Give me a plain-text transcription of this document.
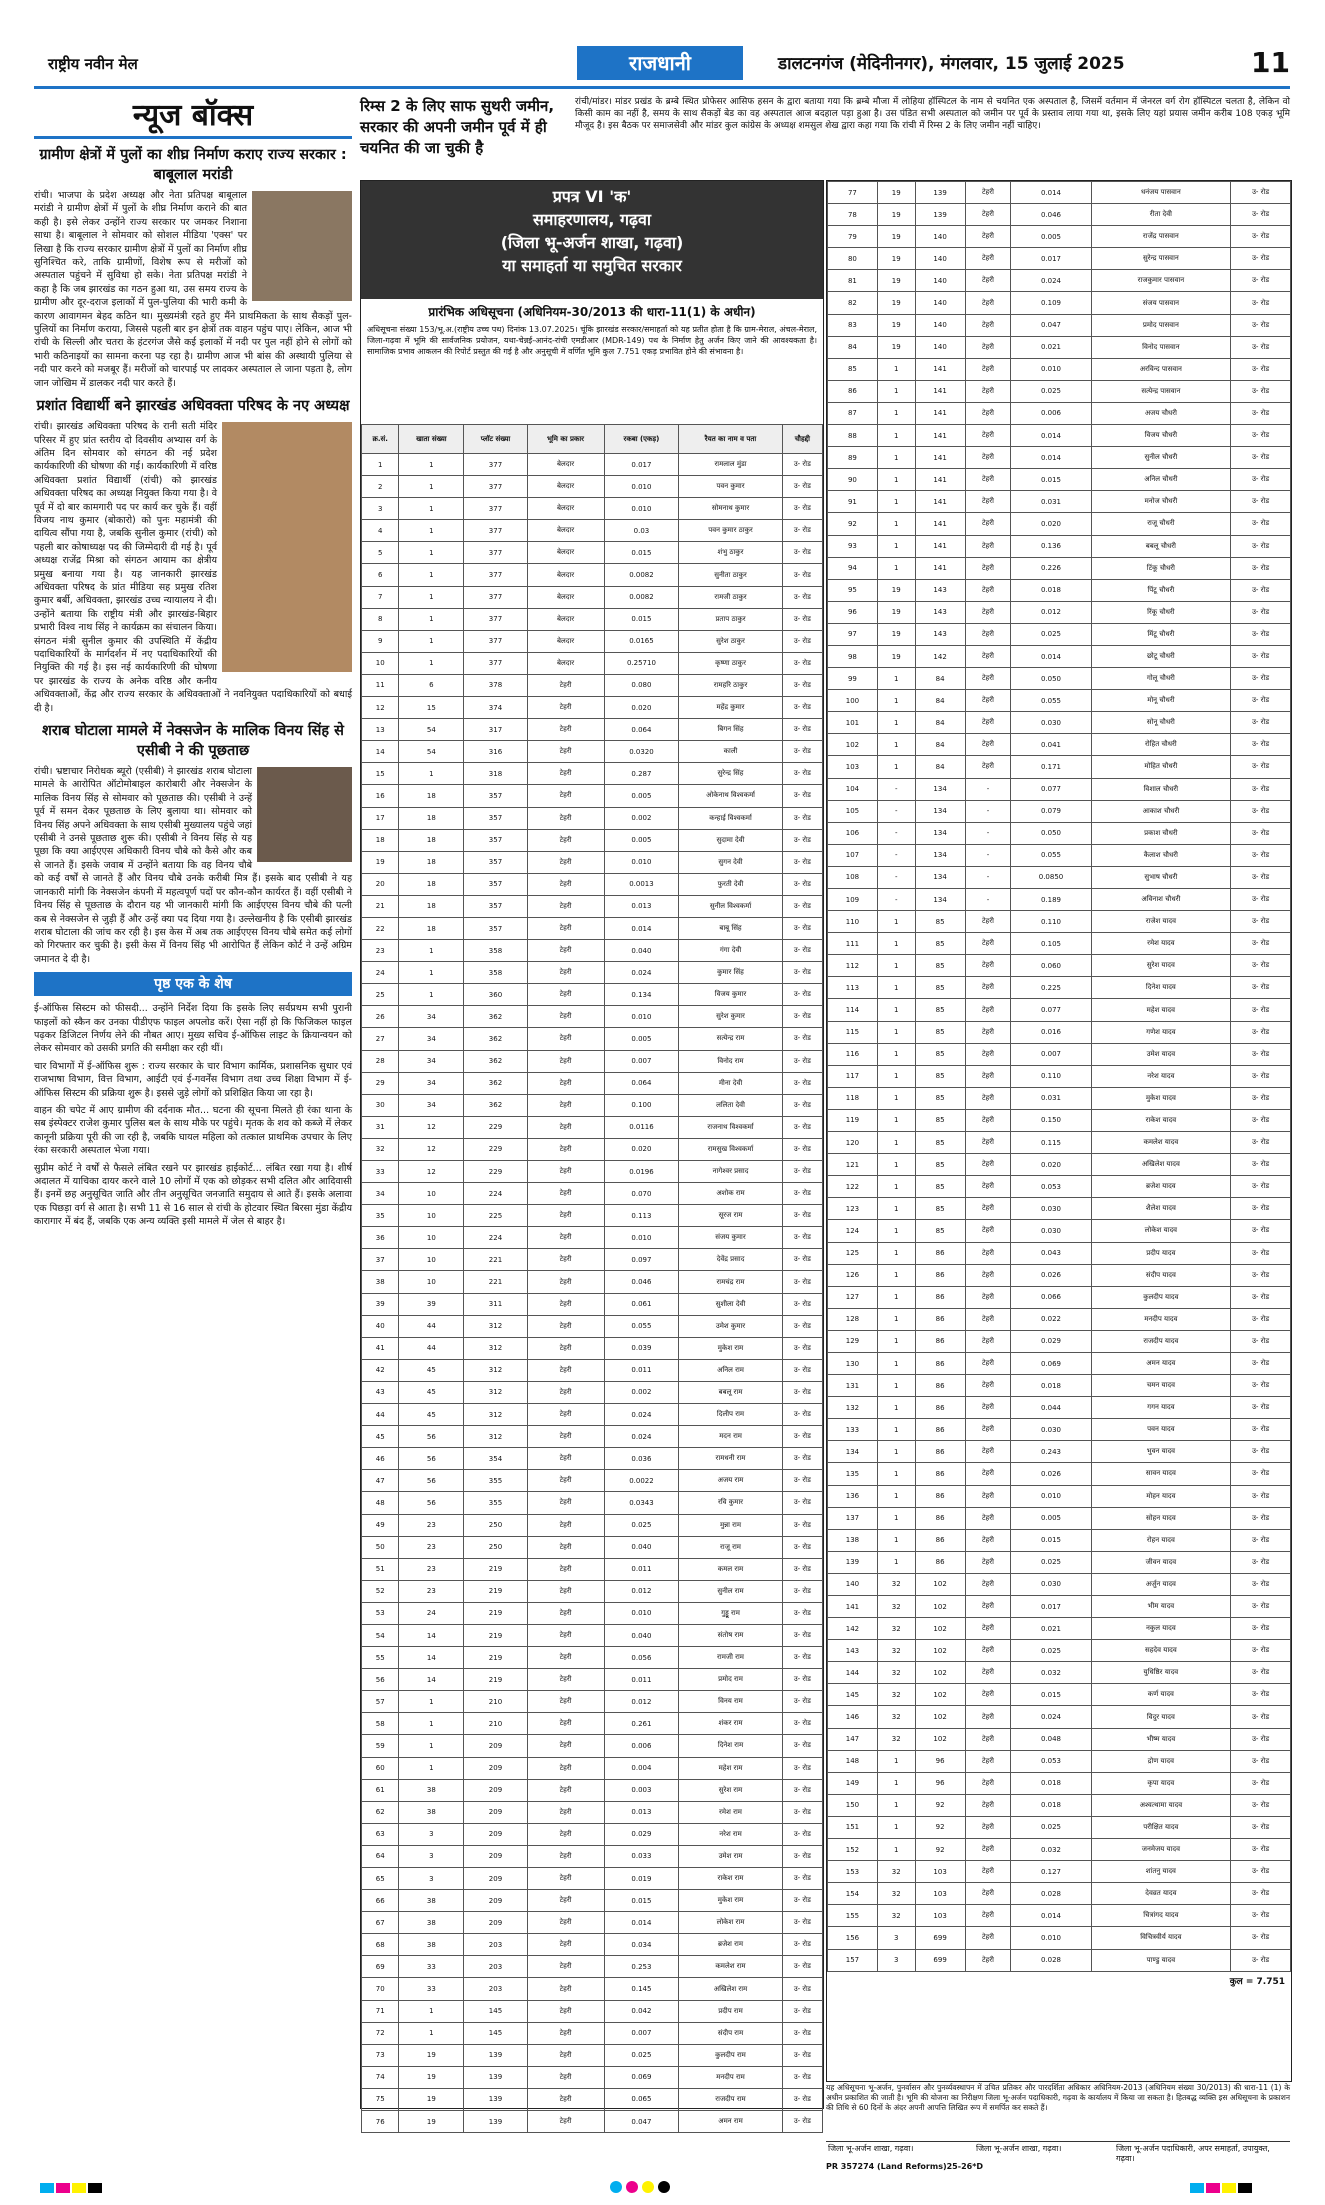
राष्ट्रीय नवीन मेल	राजधानी	डालटनगंज (मेदिनीनगर), मंगलवार, 15 जुलाई 2025	11
न्यूज बॉक्स
ग्रामीण क्षेत्रों में पुलों का शीघ्र निर्माण कराए राज्य सरकार : बाबूलाल मरांडी
रांची। भाजपा के प्रदेश अध्यक्ष और नेता प्रतिपक्ष बाबूलाल मरांडी ने ग्रामीण क्षेत्रों में पुलों के शीघ्र निर्माण कराने की बात कही है। इसे लेकर उन्होंने राज्य सरकार पर जमकर निशाना साधा है। बाबूलाल ने सोमवार को सोशल मीडिया 'एक्स' पर लिखा है कि राज्य सरकार ग्रामीण क्षेत्रों में पुलों का निर्माण शीघ्र सुनिश्चित करे, ताकि ग्रामीणों, विशेष रूप से मरीजों को अस्पताल पहुंचने में सुविधा हो सके। नेता प्रतिपक्ष मरांडी ने कहा है कि जब झारखंड का गठन हुआ था, उस समय राज्य के ग्रामीण और दूर-दराज इलाकों में पुल-पुलिया की भारी कमी के कारण आवागमन बेहद कठिन था। मुख्यमंत्री रहते हुए मैंने प्राथमिकता के साथ सैकड़ों पुल-पुलियों का निर्माण कराया, जिससे पहली बार इन क्षेत्रों तक वाहन पहुंच पाए। लेकिन, आज भी रांची के सिल्ली और चतरा के हंटरगंज जैसे कई इलाकों में नदी पर पुल नहीं होने से लोगों को भारी कठिनाइयों का सामना करना पड़ रहा है। ग्रामीण आज भी बांस की अस्थायी पुलिया से नदी पार करने को मजबूर हैं। मरीजों को चारपाई पर लादकर अस्पताल ले जाना पड़ता है, लोग जान जोखिम में डालकर नदी पार करते हैं।
प्रशांत विद्यार्थी बने झारखंड अधिवक्ता परिषद के नए अध्यक्ष
रांची। झारखंड अधिवक्ता परिषद के रानी सती मंदिर परिसर में हुए प्रांत स्तरीय दो दिवसीय अभ्यास वर्ग के अंतिम दिन सोमवार को संगठन की नई प्रदेश कार्यकारिणी की घोषणा की गई। कार्यकारिणी में वरिष्ठ अधिवक्ता प्रशांत विद्यार्थी (रांची) को झारखंड अधिवक्ता परिषद का अध्यक्ष नियुक्त किया गया है। वे पूर्व में दो बार कामगारी पद पर कार्य कर चुके हैं। वहीं विजय नाथ कुमार (बोकारो) को पुनः महामंत्री की दायित्व सौंपा गया है, जबकि सुनील कुमार (रांची) को पहली बार कोषाध्यक्ष पद की जिम्मेदारी दी गई है। पूर्व अध्यक्ष राजेंद्र मिश्रा को संगठन आयाम का क्षेत्रीय प्रमुख बनाया गया है। यह जानकारी झारखंड अधिवक्ता परिषद के प्रांत मीडिया सह प्रमुख रतिश कुमार बर्बी, अधिवक्ता, झारखंड उच्च न्यायालय ने दी। उन्होंने बताया कि राष्ट्रीय मंत्री और झारखंड-बिहार प्रभारी विश्व नाथ सिंह ने कार्यक्रम का संचालन किया। संगठन मंत्री सुनील कुमार की उपस्थिति में केंद्रीय पदाधिकारियों के मार्गदर्शन में नए पदाधिकारियों की नियुक्ति की गई है। इस नई कार्यकारिणी की घोषणा पर झारखंड के राज्य के अनेक वरिष्ठ और कनीय अधिवक्ताओं, केंद्र और राज्य सरकार के अधिवक्ताओं ने नवनियुक्त पदाधिकारियों को बधाई दी है।
शराब घोटाला मामले में नेक्सजेन के मालिक विनय सिंह से एसीबी ने की पूछताछ
रांची। भ्रष्टाचार निरोधक ब्यूरो (एसीबी) ने झारखंड शराब घोटाला मामले के आरोपित ऑटोमोबाइल कारोबारी और नेक्सजेन के मालिक विनय सिंह से सोमवार को पूछताछ की। एसीबी ने उन्हें पूर्व में समन देकर पूछताछ के लिए बुलाया था। सोमवार को विनय सिंह अपने अधिवक्ता के साथ एसीबी मुख्यालय पहुंचे जहां एसीबी ने उनसे पूछताछ शुरू की। एसीबी ने विनय सिंह से यह पूछा कि क्या आईएएस अधिकारी विनय चौबे को कैसे और कब से जानते हैं। इसके जवाब में उन्होंने बताया कि वह विनय चौबे को कई वर्षों से जानते हैं और विनय चौबे उनके करीबी मित्र हैं। इसके बाद एसीबी ने यह जानकारी मांगी कि नेक्सजेन कंपनी में महत्वपूर्ण पदों पर कौन-कौन कार्यरत हैं। वहीं एसीबी ने विनय सिंह से पूछताछ के दौरान यह भी जानकारी मांगी कि आईएएस विनय चौबे की पत्नी कब से नेक्सजेन से जुड़ी हैं और उन्हें क्या पद दिया गया है। उल्लेखनीय है कि एसीबी झारखंड शराब घोटाला की जांच कर रही है। इस केस में अब तक आईएएस विनय चौबे समेत कई लोगों को गिरफ्तार कर चुकी है। इसी केस में विनय सिंह भी आरोपित हैं लेकिन कोर्ट ने उन्हें अग्रिम जमानत दे दी है।
पृष्ठ एक के शेष

ई-ऑफिस सिस्टम को फीसदी... उन्होंने निर्देश दिया कि इसके लिए सर्वप्रथम सभी पुरानी फाइलों को स्कैन कर उनका पीडीएफ फाइल अपलोड करें। ऐसा नहीं हो कि फिजिकल फाइल पढ़कर डिजिटल निर्णय लेने की नौबत आए। मुख्य सचिव ई-ऑफिस लाइट के क्रियान्वयन को लेकर सोमवार को उसकी प्रगति की समीक्षा कर रही थीं।

चार विभागों में ई-ऑफिस शुरू : राज्य सरकार के चार विभाग कार्मिक, प्रशासनिक सुधार एवं राजभाषा विभाग, वित्त विभाग, आईटी एवं ई-गवर्नेंस विभाग तथा उच्च शिक्षा विभाग में ई-ऑफिस सिस्टम की प्रक्रिया शुरू है। इससे जुड़े लोगों को प्रशिक्षित किया जा रहा है।

वाहन की चपेट में आए ग्रामीण की दर्दनाक मौत... घटना की सूचना मिलते ही रंका थाना के सब इंस्पेक्टर राजेश कुमार पुलिस बल के साथ मौके पर पहुंचे। मृतक के शव को कब्जे में लेकर कानूनी प्रक्रिया पूरी की जा रही है, जबकि घायल महिला को तत्काल प्राथमिक उपचार के लिए रंका सरकारी अस्पताल भेजा गया।

सुप्रीम कोर्ट ने वर्षों से फैसले लंबित रखने पर झारखंड हाईकोर्ट... लंबित रखा गया है। शीर्ष अदालत में याचिका दायर करने वाले 10 लोगों में एक को छोड़कर सभी दलित और आदिवासी हैं। इनमें छह अनुसूचित जाति और तीन अनुसूचित जनजाति समुदाय से आते हैं। इसके अलावा एक पिछड़ा वर्ग से आता है। सभी 11 से 16 साल से रांची के होटवार स्थित बिरसा मुंडा केंद्रीय कारागार में बंद हैं, जबकि एक अन्य व्यक्ति इसी मामले में जेल से बाहर है।

रिम्स 2 के लिए साफ सुथरी जमीन, सरकार की अपनी जमीन पूर्व में ही चयनित की जा चुकी है
रांची/मांडर। मांडर प्रखंड के ब्रम्बे स्थित प्रोफेसर आसिफ हसन के द्वारा बताया गया कि ब्रम्बे मौजा में लोहिया हॉस्पिटल के नाम से चयनित एक अस्पताल है, जिसमें वर्तमान में जेनरल वर्ग रोग हॉस्पिटल चलता है, लेकिन वो किसी काम का नहीं है, समय के साथ सैकड़ों बेड का वह अस्पताल आज बदहाल पड़ा हुआ है। उस पंडित सभी अस्पताल को जमीन पर पूर्व के प्रस्ताव लाया गया था, इसके लिए यहां प्रयास जमीन करीब 108 एकड़ भूमि मौजूद है। इस बैठक पर समाजसेवी और मांडर कुल कांग्रेस के अध्यक्ष शमसुल शेख द्वारा कहा गया कि रांची में रिम्स 2 के लिए जमीन नहीं चाहिए।
प्रपत्र VI 'क'
समाहरणालय, गढ़वा
(जिला भू-अर्जन शाखा, गढ़वा)
या समाहर्ता या समुचित सरकार
प्रारंभिक अधिसूचना (अधिनियम-30/2013 की धारा-11(1) के अधीन)
अधिसूचना संख्या 153/भू.अ.(राष्ट्रीय उच्च पथ) दिनांक 13.07.2025। चूंकि झारखंड सरकार/समाहर्ता को यह प्रतीत होता है कि ग्राम-मेराल, अंचल-मेराल, जिला-गढ़वा में भूमि की सार्वजनिक प्रयोजन, यथा-चेन्नई-आनंद-रांची एमडीआर (MDR-149) पथ के निर्माण हेतु अर्जन किए जाने की आवश्यकता है। सामाजिक प्रभाव आकलन की रिपोर्ट प्रस्तुत की गई है और अनुसूची में वर्णित भूमि कुल 7.751 एकड़ प्रभावित होने की संभावना है।
क्र.सं.	खाता संख्या	प्लॉट संख्या	भूमि का प्रकार	रकबा (एकड़)	रैयत का नाम व पता	चौहद्दी
1	1	377	बेलदार	0.017	रामलाल मुंडा	उ- रोड
2	1	377	बेलदार	0.010	पवन कुमार	उ- रोड
3	1	377	बेलदार	0.010	सोमनाथ कुमार	उ- रोड
4	1	377	बेलदार	0.03	पवन कुमार ठाकुर	उ- रोड
5	1	377	बेलदार	0.015	शंभु ठाकुर	उ- रोड
6	1	377	बेलदार	0.0082	सुनीता ठाकुर	उ- रोड
7	1	377	बेलदार	0.0082	रामजी ठाकुर	उ- रोड
8	1	377	बेलदार	0.015	प्रताप ठाकुर	उ- रोड
9	1	377	बेलदार	0.0165	सुरेश ठाकुर	उ- रोड
10	1	377	बेलदार	0.25710	कृष्णा ठाकुर	उ- रोड
11	6	378	टेहरी	0.080	रामहरि ठाकुर	उ- रोड
12	15	374	टेहरी	0.020	महेंद्र कुमार	उ- रोड
13	54	317	टेहरी	0.064	बिगन सिंह	उ- रोड
14	54	316	टेहरी	0.0320	काली	उ- रोड
15	1	318	टेहरी	0.287	सुरेन्द्र सिंह	उ- रोड
16	18	357	टेहरी	0.005	ओकेनाथ विश्वकर्मा	उ- रोड
17	18	357	टेहरी	0.002	कन्हाई विश्वकर्मा	उ- रोड
18	18	357	टेहरी	0.005	सुदामा देवी	उ- रोड
19	18	357	टेहरी	0.010	सुगन देवी	उ- रोड
20	18	357	टेहरी	0.0013	फुरती देवी	उ- रोड
21	18	357	टेहरी	0.013	सुनील विश्वकर्मा	उ- रोड
22	18	357	टेहरी	0.014	बाबू सिंह	उ- रोड
23	1	358	टेहरी	0.040	गंगा देवी	उ- रोड
24	1	358	टेहरी	0.024	कुमार सिंह	उ- रोड
25	1	360	टेहरी	0.134	विजय कुमार	उ- रोड
26	34	362	टेहरी	0.010	सुरेश कुमार	उ- रोड
27	34	362	टेहरी	0.005	सत्येन्द्र राम	उ- रोड
28	34	362	टेहरी	0.007	विनोद राम	उ- रोड
29	34	362	टेहरी	0.064	मीना देवी	उ- रोड
30	34	362	टेहरी	0.100	ललिता देवी	उ- रोड
31	12	229	टेहरी	0.0116	राजनाथ विश्वकर्मा	उ- रोड
32	12	229	टेहरी	0.020	रामसुख विश्वकर्मा	उ- रोड
33	12	229	टेहरी	0.0196	नागेश्वर प्रसाद	उ- रोड
34	10	224	टेहरी	0.070	अशोक राम	उ- रोड
35	10	225	टेहरी	0.113	सूरज राम	उ- रोड
36	10	224	टेहरी	0.010	संजय कुमार	उ- रोड
37	10	221	टेहरी	0.097	देवेंद्र प्रसाद	उ- रोड
38	10	221	टेहरी	0.046	रामचंद्र राम	उ- रोड
39	39	311	टेहरी	0.061	सुशीला देवी	उ- रोड
40	44	312	टेहरी	0.055	उमेश कुमार	उ- रोड
41	44	312	टेहरी	0.039	मुकेश राम	उ- रोड
42	45	312	टेहरी	0.011	अनिल राम	उ- रोड
43	45	312	टेहरी	0.002	बबलू राम	उ- रोड
44	45	312	टेहरी	0.024	दिलीप राम	उ- रोड
45	56	312	टेहरी	0.024	मदन राम	उ- रोड
46	56	354	टेहरी	0.036	रामधनी राम	उ- रोड
47	56	355	टेहरी	0.0022	अजय राम	उ- रोड
48	56	355	टेहरी	0.0343	रवि कुमार	उ- रोड
49	23	250	टेहरी	0.025	मुन्ना राम	उ- रोड
50	23	250	टेहरी	0.040	राजू राम	उ- रोड
51	23	219	टेहरी	0.011	कमल राम	उ- रोड
52	23	219	टेहरी	0.012	सुनील राम	उ- रोड
53	24	219	टेहरी	0.010	गुड्डू राम	उ- रोड
54	14	219	टेहरी	0.040	संतोष राम	उ- रोड
55	14	219	टेहरी	0.056	रामजी राम	उ- रोड
56	14	219	टेहरी	0.011	प्रमोद राम	उ- रोड
57	1	210	टेहरी	0.012	विनय राम	उ- रोड
58	1	210	टेहरी	0.261	शंकर राम	उ- रोड
59	1	209	टेहरी	0.006	दिनेश राम	उ- रोड
60	1	209	टेहरी	0.004	महेश राम	उ- रोड
61	38	209	टेहरी	0.003	सुरेश राम	उ- रोड
62	38	209	टेहरी	0.013	रमेश राम	उ- रोड
63	3	209	टेहरी	0.029	नरेश राम	उ- रोड
64	3	209	टेहरी	0.033	उमेश राम	उ- रोड
65	3	209	टेहरी	0.019	राकेश राम	उ- रोड
66	38	209	टेहरी	0.015	मुकेश राम	उ- रोड
67	38	209	टेहरी	0.014	लोकेश राम	उ- रोड
68	38	203	टेहरी	0.034	ब्रजेश राम	उ- रोड
69	33	203	टेहरी	0.253	कमलेश राम	उ- रोड
70	33	203	टेहरी	0.145	अखिलेश राम	उ- रोड
71	1	145	टेहरी	0.042	प्रदीप राम	उ- रोड
72	1	145	टेहरी	0.007	संदीप राम	उ- रोड
73	19	139	टेहरी	0.025	कुलदीप राम	उ- रोड
74	19	139	टेहरी	0.069	मनदीप राम	उ- रोड
75	19	139	टेहरी	0.065	राजदीप राम	उ- रोड
76	19	139	टेहरी	0.047	अमन राम	उ- रोड
77	19	139	टेहरी	0.014	धनंजय पासवान	उ- रोड
78	19	139	टेहरी	0.046	रीता देवी	उ- रोड
79	19	140	टेहरी	0.005	राजेंद्र पासवान	उ- रोड
80	19	140	टेहरी	0.017	सुरेन्द्र पासवान	उ- रोड
81	19	140	टेहरी	0.024	राजकुमार पासवान	उ- रोड
82	19	140	टेहरी	0.109	संजय पासवान	उ- रोड
83	19	140	टेहरी	0.047	प्रमोद पासवान	उ- रोड
84	19	140	टेहरी	0.021	विनोद पासवान	उ- रोड
85	1	141	टेहरी	0.010	अरविन्द पासवान	उ- रोड
86	1	141	टेहरी	0.025	सत्येन्द्र पासवान	उ- रोड
87	1	141	टेहरी	0.006	अजय चौधरी	उ- रोड
88	1	141	टेहरी	0.014	विजय चौधरी	उ- रोड
89	1	141	टेहरी	0.014	सुनील चौधरी	उ- रोड
90	1	141	टेहरी	0.015	अनिल चौधरी	उ- रोड
91	1	141	टेहरी	0.031	मनोज चौधरी	उ- रोड
92	1	141	टेहरी	0.020	राजू चौधरी	उ- रोड
93	1	141	टेहरी	0.136	बबलू चौधरी	उ- रोड
94	1	141	टेहरी	0.226	टिंकू चौधरी	उ- रोड
95	19	143	टेहरी	0.018	पिंटू चौधरी	उ- रोड
96	19	143	टेहरी	0.012	रिंकू चौधरी	उ- रोड
97	19	143	टेहरी	0.025	मिंटू चौधरी	उ- रोड
98	19	142	टेहरी	0.014	छोटू चौधरी	उ- रोड
99	1	84	टेहरी	0.050	गोलू चौधरी	उ- रोड
100	1	84	टेहरी	0.055	मोनू चौधरी	उ- रोड
101	1	84	टेहरी	0.030	सोनू चौधरी	उ- रोड
102	1	84	टेहरी	0.041	रोहित चौधरी	उ- रोड
103	1	84	टेहरी	0.171	मोहित चौधरी	उ- रोड
104	-	134	-	0.077	विशाल चौधरी	उ- रोड
105	-	134	-	0.079	आकाश चौधरी	उ- रोड
106	-	134	-	0.050	प्रकाश चौधरी	उ- रोड
107	-	134	-	0.055	कैलाश चौधरी	उ- रोड
108	-	134	-	0.0850	सुभाष चौधरी	उ- रोड
109	-	134	-	0.189	अविनाश चौधरी	उ- रोड
110	1	85	टेहरी	0.110	राजेश यादव	उ- रोड
111	1	85	टेहरी	0.105	रमेश यादव	उ- रोड
112	1	85	टेहरी	0.060	सुरेश यादव	उ- रोड
113	1	85	टेहरी	0.225	दिनेश यादव	उ- रोड
114	1	85	टेहरी	0.077	महेश यादव	उ- रोड
115	1	85	टेहरी	0.016	गणेश यादव	उ- रोड
116	1	85	टेहरी	0.007	उमेश यादव	उ- रोड
117	1	85	टेहरी	0.110	नरेश यादव	उ- रोड
118	1	85	टेहरी	0.031	मुकेश यादव	उ- रोड
119	1	85	टेहरी	0.150	राकेश यादव	उ- रोड
120	1	85	टेहरी	0.115	कमलेश यादव	उ- रोड
121	1	85	टेहरी	0.020	अखिलेश यादव	उ- रोड
122	1	85	टेहरी	0.053	ब्रजेश यादव	उ- रोड
123	1	85	टेहरी	0.030	शैलेश यादव	उ- रोड
124	1	85	टेहरी	0.030	लोकेश यादव	उ- रोड
125	1	86	टेहरी	0.043	प्रदीप यादव	उ- रोड
126	1	86	टेहरी	0.026	संदीप यादव	उ- रोड
127	1	86	टेहरी	0.066	कुलदीप यादव	उ- रोड
128	1	86	टेहरी	0.022	मनदीप यादव	उ- रोड
129	1	86	टेहरी	0.029	राजदीप यादव	उ- रोड
130	1	86	टेहरी	0.069	अमन यादव	उ- रोड
131	1	86	टेहरी	0.018	चमन यादव	उ- रोड
132	1	86	टेहरी	0.044	गगन यादव	उ- रोड
133	1	86	टेहरी	0.030	पवन यादव	उ- रोड
134	1	86	टेहरी	0.243	भुवन यादव	उ- रोड
135	1	86	टेहरी	0.026	सावन यादव	उ- रोड
136	1	86	टेहरी	0.010	मोहन यादव	उ- रोड
137	1	86	टेहरी	0.005	सोहन यादव	उ- रोड
138	1	86	टेहरी	0.015	रोहन यादव	उ- रोड
139	1	86	टेहरी	0.025	जीवन यादव	उ- रोड
140	32	102	टेहरी	0.030	अर्जुन यादव	उ- रोड
141	32	102	टेहरी	0.017	भीम यादव	उ- रोड
142	32	102	टेहरी	0.021	नकुल यादव	उ- रोड
143	32	102	टेहरी	0.025	सहदेव यादव	उ- रोड
144	32	102	टेहरी	0.032	युधिष्ठिर यादव	उ- रोड
145	32	102	टेहरी	0.015	कर्ण यादव	उ- रोड
146	32	102	टेहरी	0.024	विदुर यादव	उ- रोड
147	32	102	टेहरी	0.048	भीष्म यादव	उ- रोड
148	1	96	टेहरी	0.053	द्रोण यादव	उ- रोड
149	1	96	टेहरी	0.018	कृपा यादव	उ- रोड
150	1	92	टेहरी	0.018	अश्वत्थामा यादव	उ- रोड
151	1	92	टेहरी	0.025	परीक्षित यादव	उ- रोड
152	1	92	टेहरी	0.032	जनमेजय यादव	उ- रोड
153	32	103	टेहरी	0.127	शांतनु यादव	उ- रोड
154	32	103	टेहरी	0.028	देवव्रत यादव	उ- रोड
155	32	103	टेहरी	0.014	चित्रांगद यादव	उ- रोड
156	3	699	टेहरी	0.010	विचित्रवीर्य यादव	उ- रोड
157	3	699	टेहरी	0.028	पाण्डु यादव	उ- रोड
कुल = 7.751
यह अधिसूचना भू-अर्जन, पुनर्वासन और पुनर्व्यवस्थापन में उचित प्रतिकर और पारदर्शिता अधिकार अधिनियम-2013 (अधिनियम संख्या 30/2013) की धारा-11 (1) के अधीन प्रकाशित की जाती है। भूमि की योजना का निरीक्षण जिला भू-अर्जन पदाधिकारी, गढ़वा के कार्यालय में किया जा सकता है। हितबद्ध व्यक्ति इस अधिसूचना के प्रकाशन की तिथि से 60 दिनों के अंदर अपनी आपत्ति लिखित रूप में समर्पित कर सकते हैं।
जिला भू-अर्जन शाखा, गढ़वा।	जिला भू-अर्जन शाखा, गढ़वा।	जिला भू-अर्जन पदाधिकारी, अपर समाहर्ता, उपायुक्त, गढ़वा।
PR 357274 (Land Reforms)25-26*D
